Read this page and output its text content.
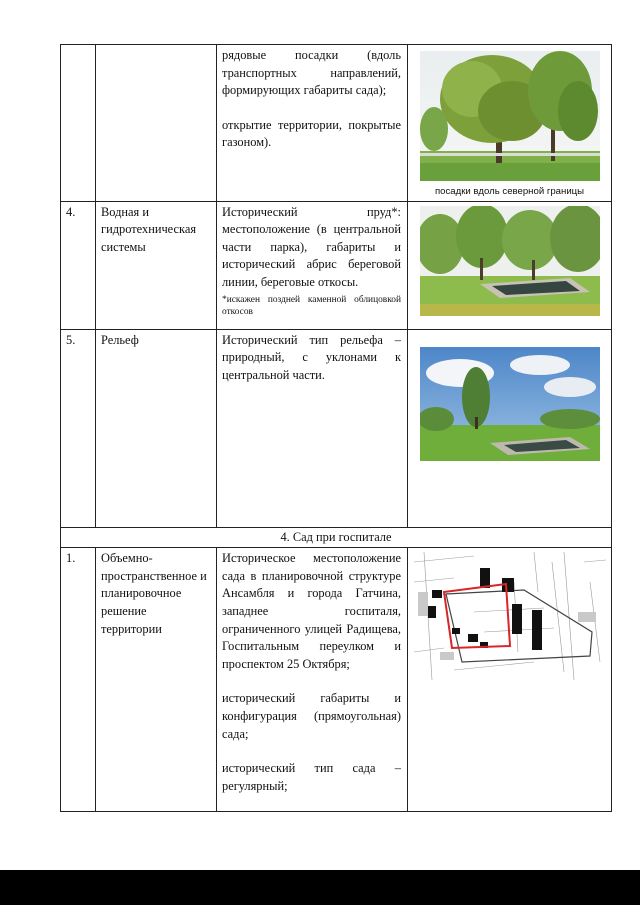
		рядовые посадки (вдоль транспортных направлений, формирующих габариты сада);

открытие территории, покрытые газоном).	посадки вдоль северной границы

4.	Водная и гидротехническая системы	Исторический пруд*: местоположение (в центральной части парка), габариты и исторический абрис береговой линии, береговые откосы.
*искажен поздней каменной облицовкой откосов

5.	Рельеф	Исторический тип рельефа – природный, с уклонами к центральной части.

4. Сад при госпитале			
1.	Объемно-пространственное и планировочное решение территории	Историческое местоположение сада в планировочной структуре Ансамбля и города Гатчина, западнее госпиталя, ограниченного улицей Радищева, Госпитальным переулком и проспектом 25 Октября;

исторический габариты и конфигурация (прямоугольная) сада;

исторический тип сада – регулярный;
